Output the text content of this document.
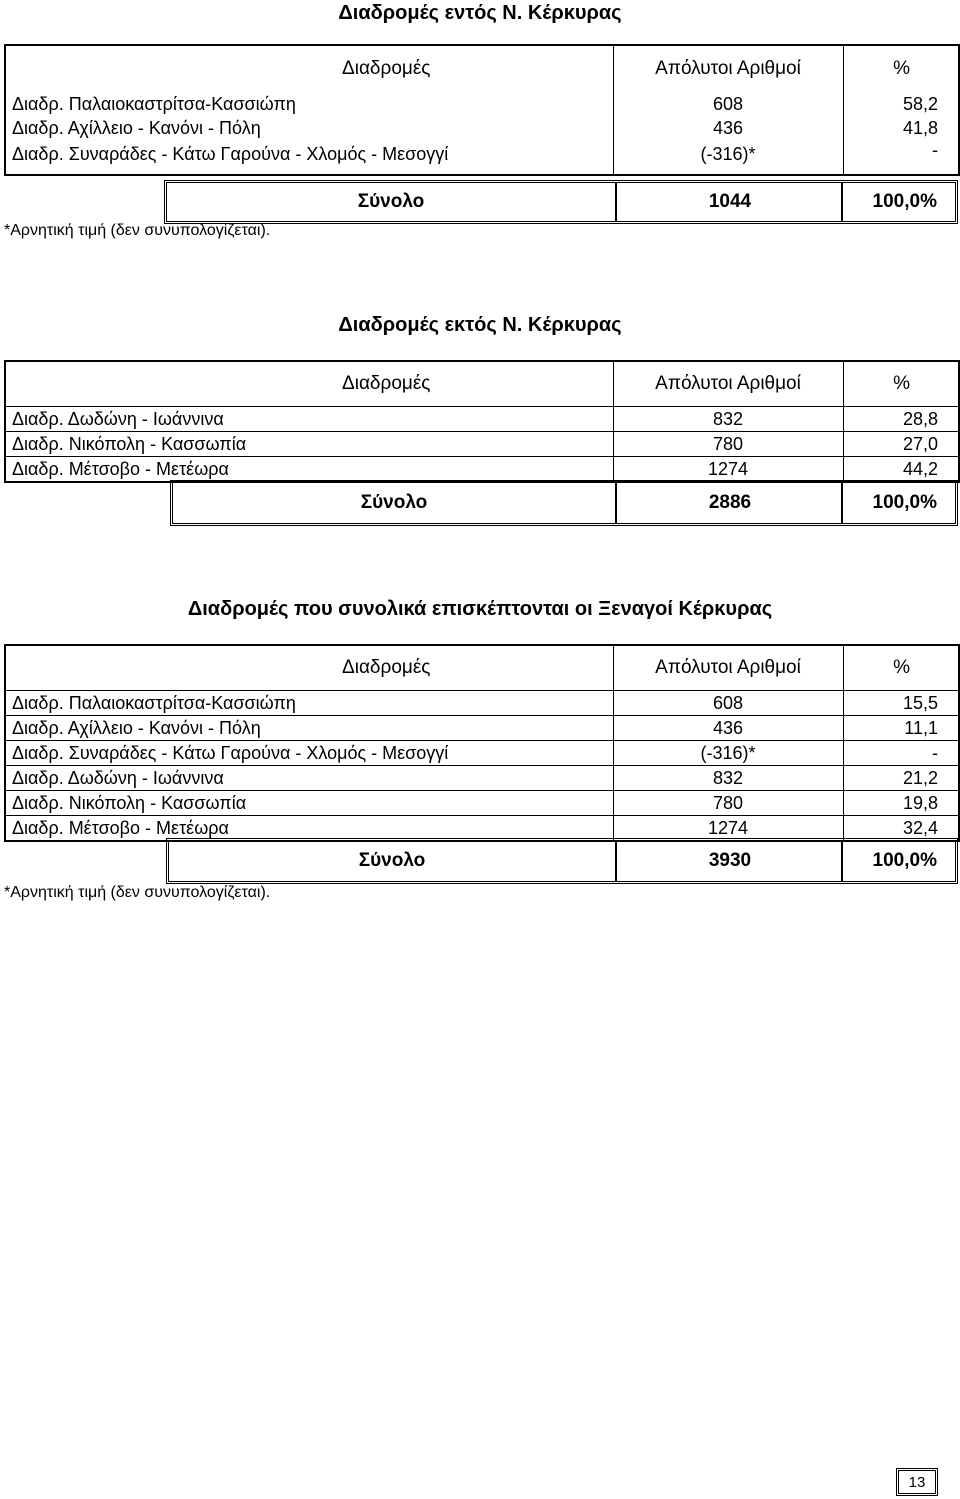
Διαδρομές εντός Ν. Κέρκυρας
Διαδρομές	Απόλυτοι Αριθμοί	%
Διαδρ. Παλαιοκαστρίτσα-Κασσιώπη	608	58,2
Διαδρ. Αχίλλειο - Κανόνι - Πόλη	436	41,8
Διαδρ. Συναράδες - Κάτω Γαρούνα - Χλομός - Μεσογγί	(-316)*	-
Σύνολο	1044	100,0%
*Αρνητική τιμή (δεν συνυπολογίζεται).
Διαδρομές εκτός Ν. Κέρκυρας
Διαδρομές	Απόλυτοι Αριθμοί	%
Διαδρ. Δωδώνη - Ιωάννινα	832	28,8
Διαδρ. Νικόπολη - Κασσωπία	780	27,0
Διαδρ. Μέτσοβο - Μετέωρα	1274	44,2
Σύνολο	2886	100,0%
Διαδρομές που συνολικά επισκέπτονται οι Ξεναγοί Κέρκυρας
Διαδρομές	Απόλυτοι Αριθμοί	%
Διαδρ. Παλαιοκαστρίτσα-Κασσιώπη	608	15,5
Διαδρ. Αχίλλειο - Κανόνι - Πόλη	436	11,1
Διαδρ. Συναράδες - Κάτω Γαρούνα - Χλομός - Μεσογγί	(-316)*	-
Διαδρ. Δωδώνη - Ιωάννινα	832	21,2
Διαδρ. Νικόπολη - Κασσωπία	780	19,8
Διαδρ. Μέτσοβο - Μετέωρα	1274	32,4
Σύνολο	3930	100,0%
*Αρνητική τιμή (δεν συνυπολογίζεται).
13
